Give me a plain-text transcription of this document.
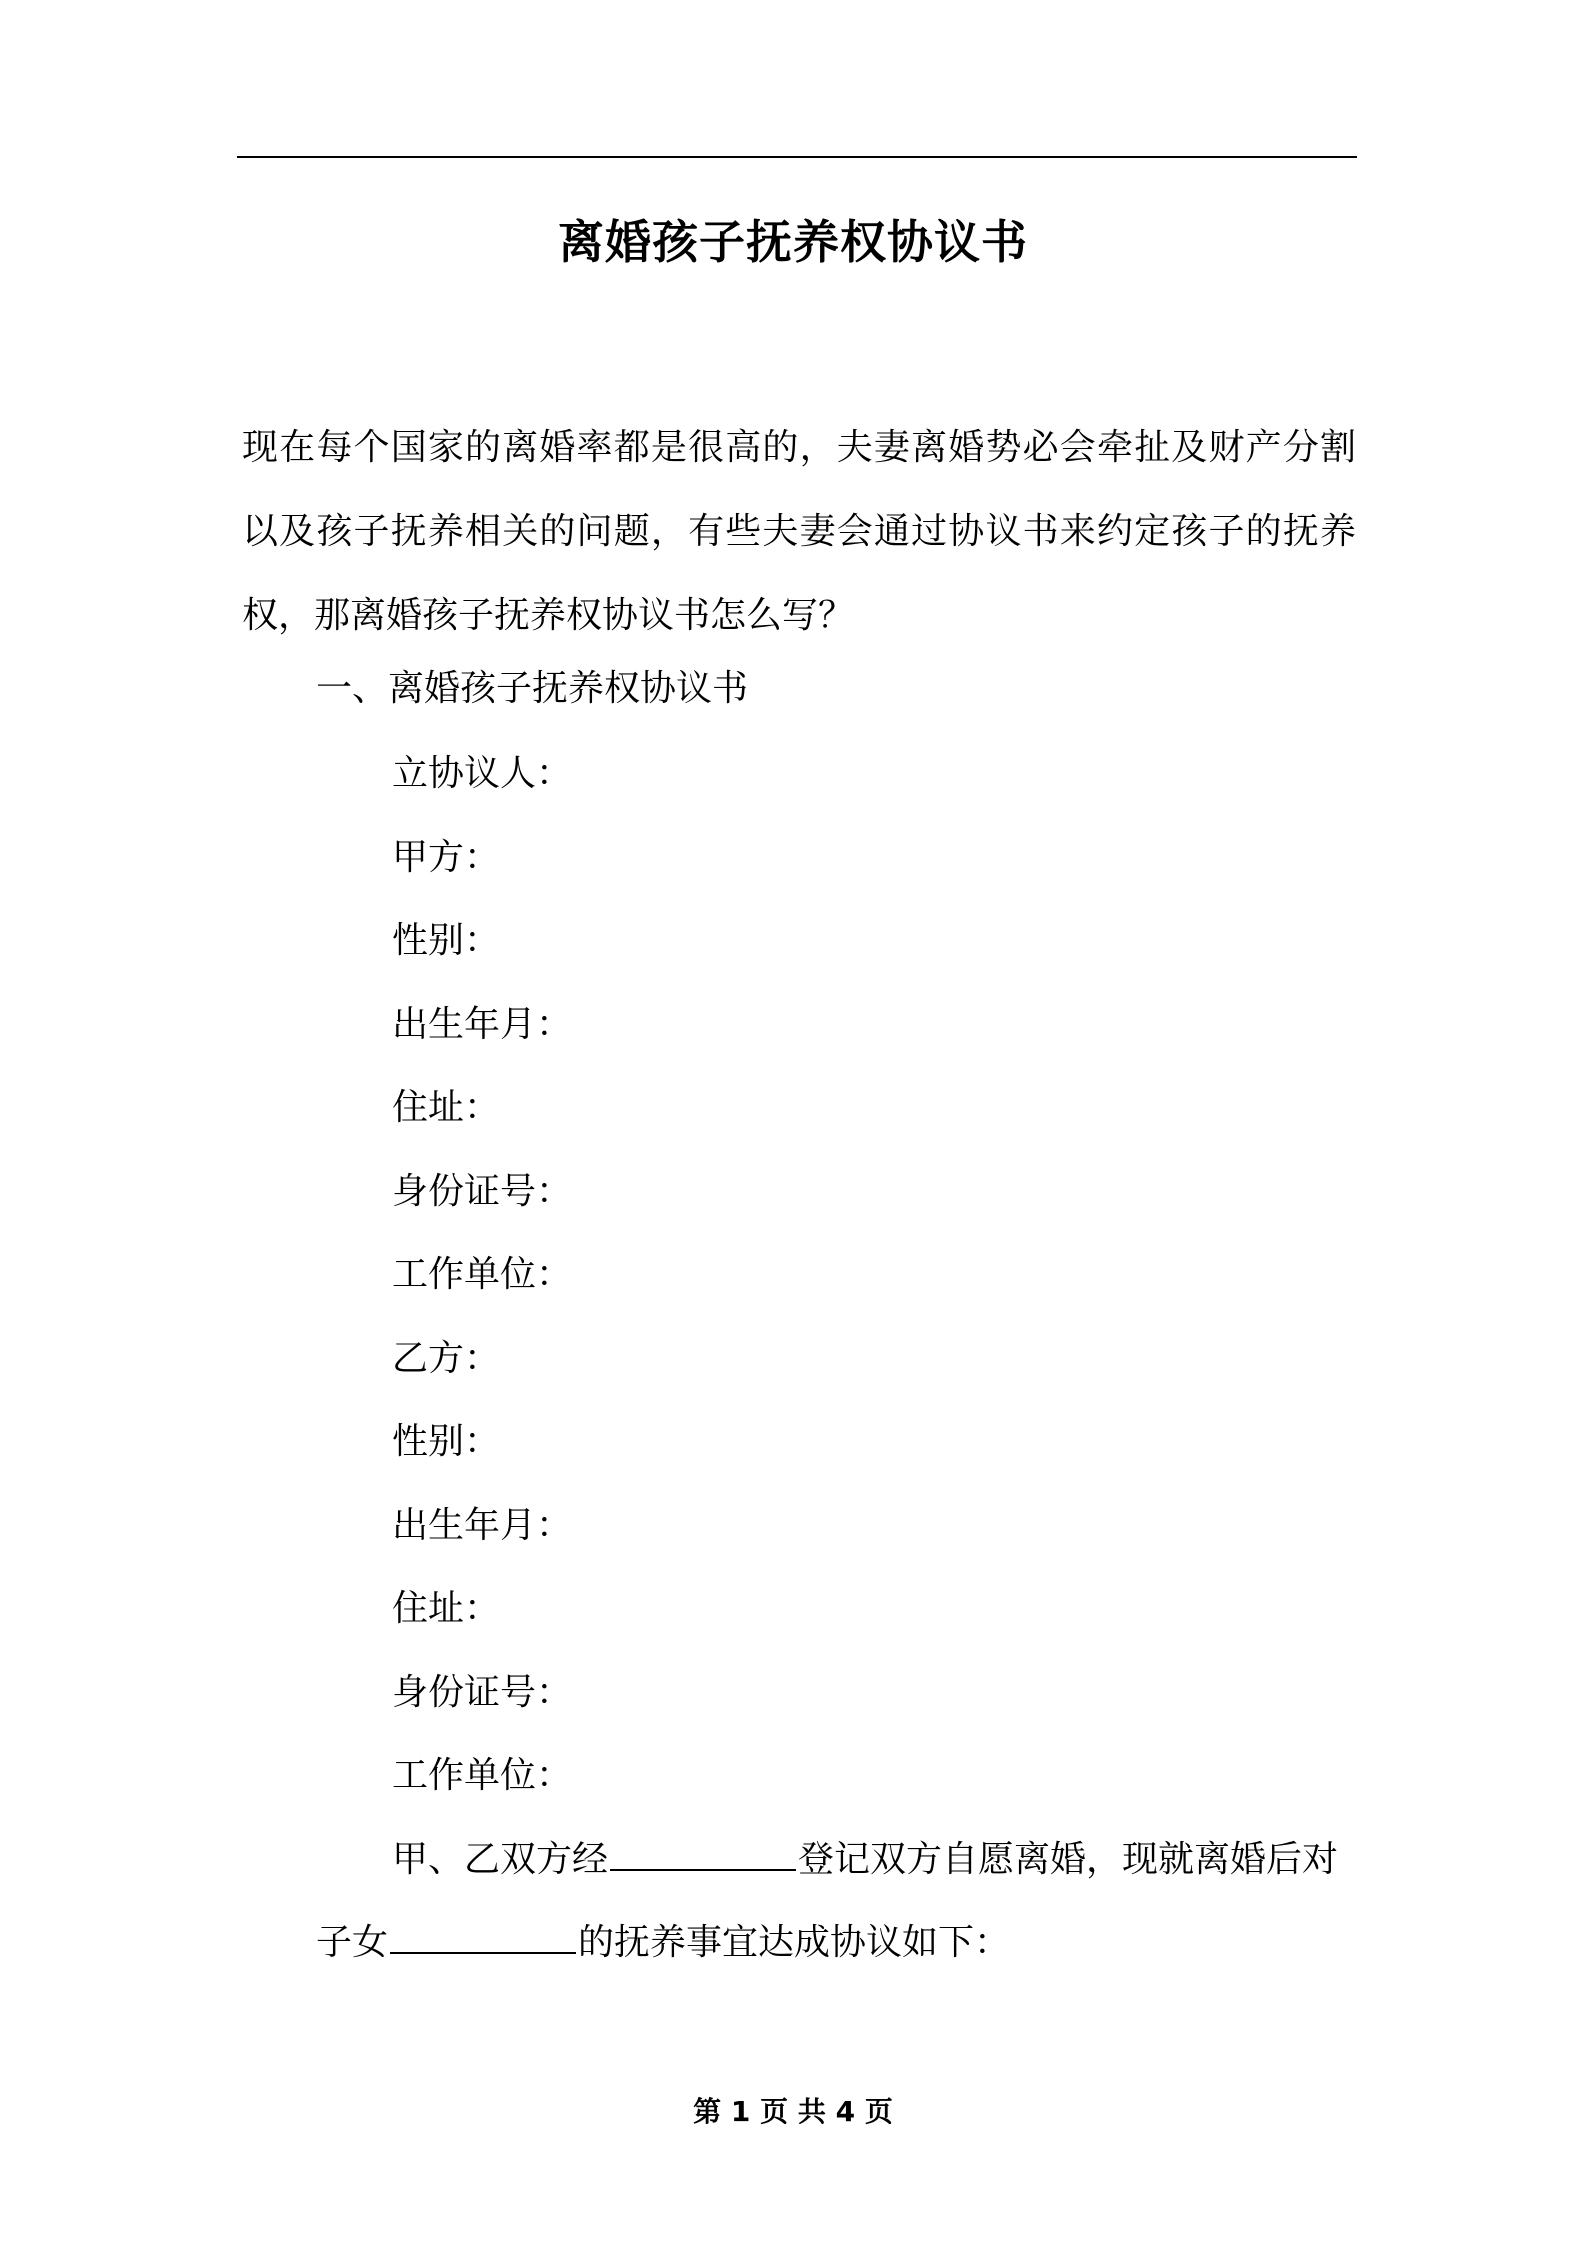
离婚孩子抚养权协议书
现在每个国家的离婚率都是很高的，夫妻离婚势必会牵扯及财产分割以及孩子抚养相关的问题，有些夫妻会通过协议书来约定孩子的抚养权，那离婚孩子抚养权协议书怎么写？
一、离婚孩子抚养权协议书
立协议人：
甲方：
性别：
出生年月：
住址：
身份证号：
工作单位：
乙方：
性别：
出生年月：
住址：
身份证号：
工作单位：
甲、乙双方经	登记双方自愿离婚，现就离婚后对
子女	的抚养事宜达成协议如下：
第 1 页 共 4 页
